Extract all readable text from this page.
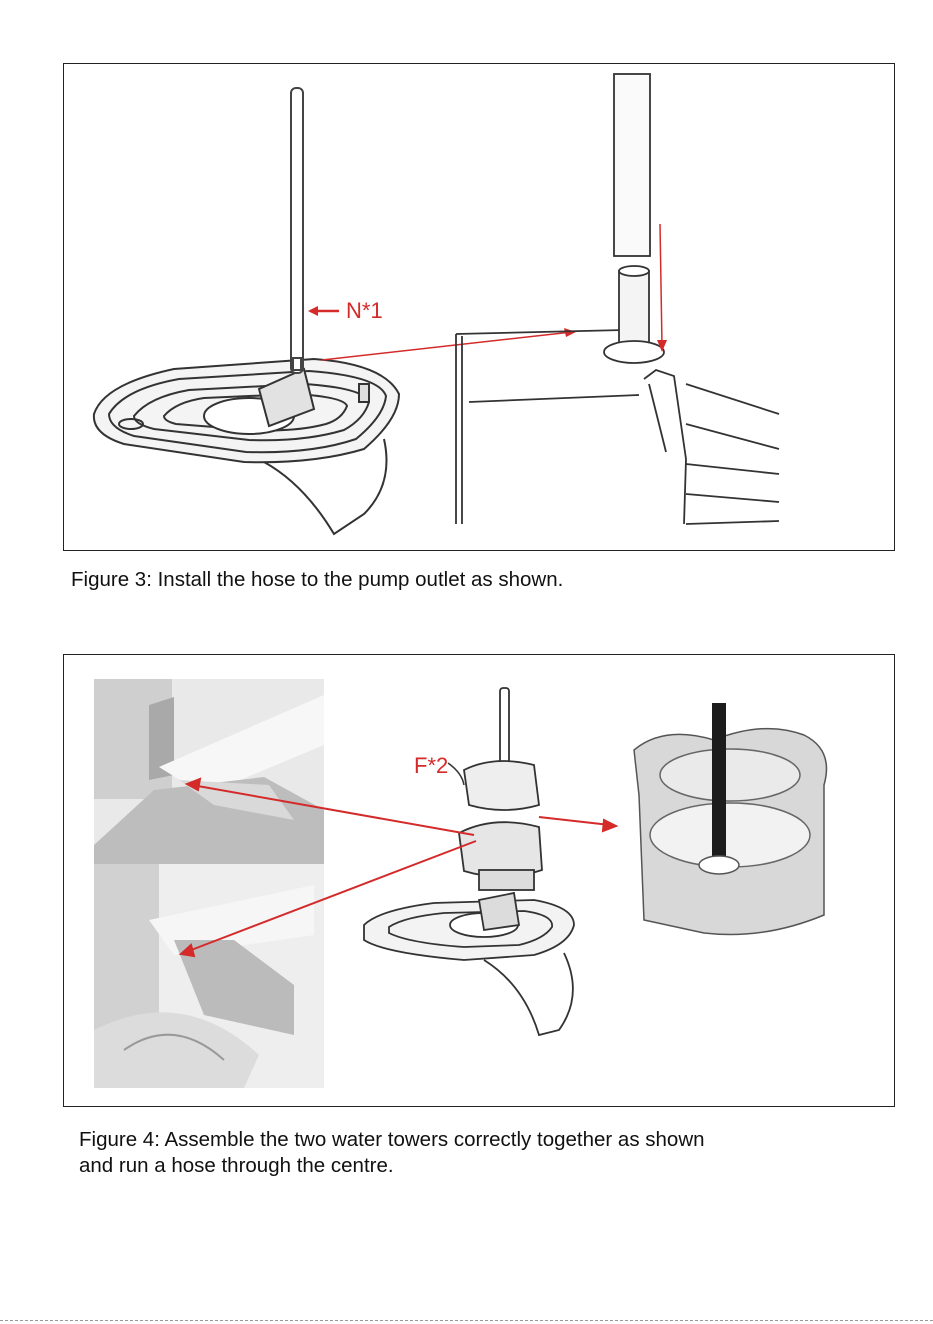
N*1
Figure 3: Install the hose to the pump outlet as shown.
F*2
Figure 4: Assemble the two water towers correctly together as shown
and run a hose through the centre.
